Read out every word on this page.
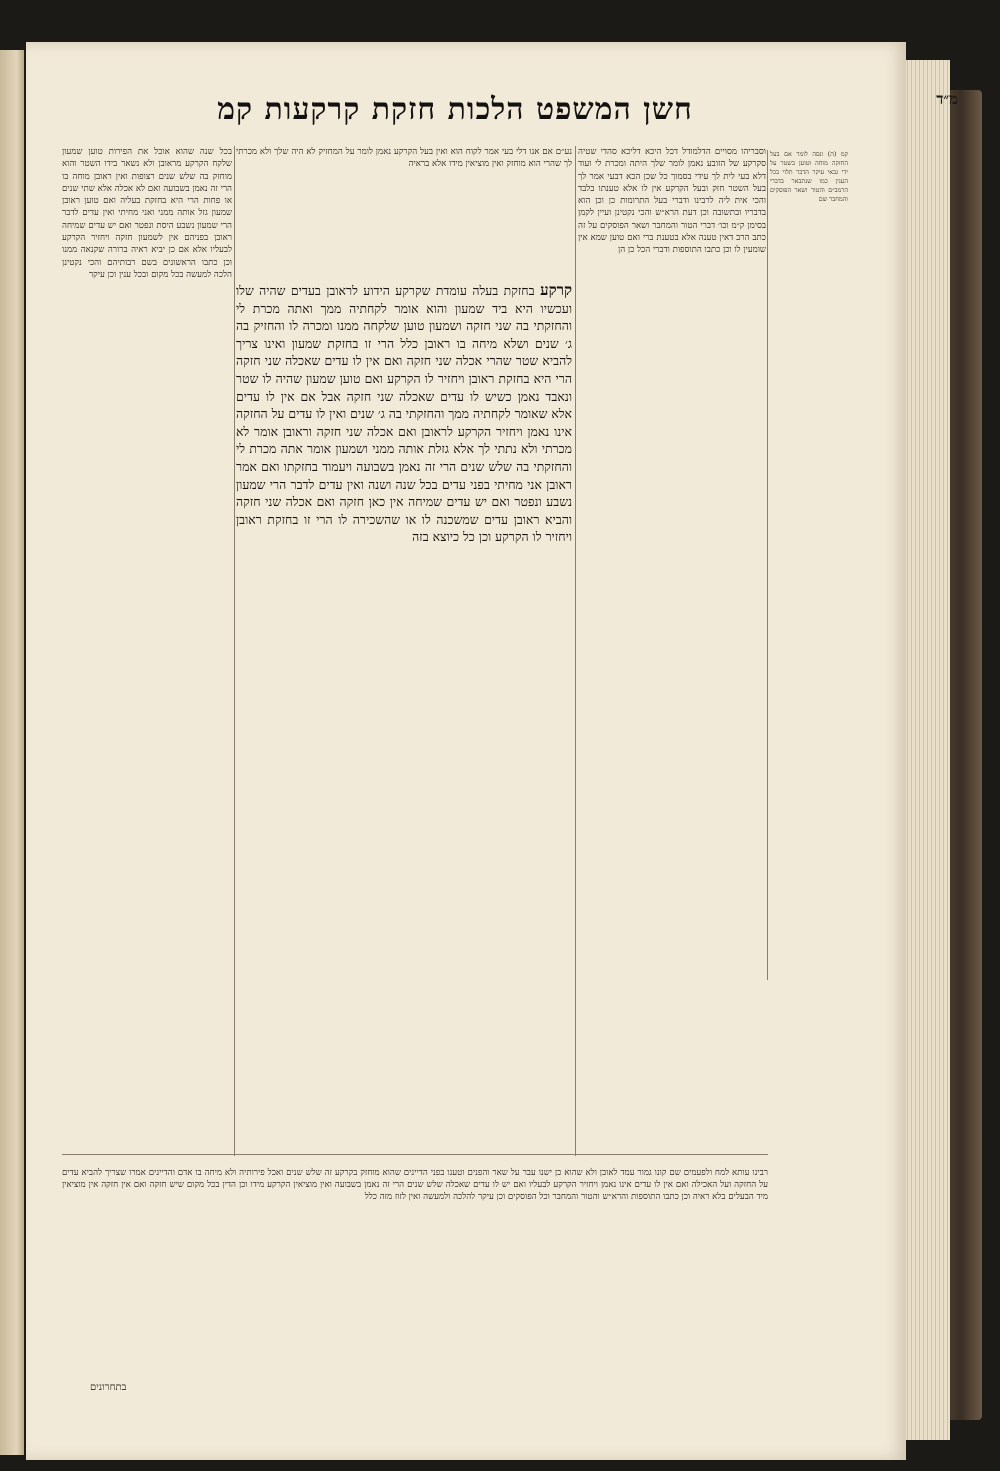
חשן המשפט הלכות חזקת קרקעות קמ	מ״ד

קמ (ה) ונסה לומר אם בעל החזקה מוחה וטוען בשטר על ידי גבאי עיקר הדבר תלוי בכל הענין כמו שנתבאר בדברי הרמב״ם והטור ושאר הפוסקים והמחבר שם

וסבריהו מסויים הדלמודל דכל היכא דליכא סהדי שטיה סקרקע של הזובע נאמן לומר שלך היתה ומכרת לי ועוד דלא בעי לית לך עידי בסמוך כל שכן הכא דבעי אמר לך בעל השטר חזק ובעל הקרקע אין לו אלא טענתו בלבד והכי אית ליה לרבינו ודברי בעל התרומות כן וכן הוא בדבריו ובתשובה וכן דעת הרא״ש והכי נקטינן ועיין לקמן בסימן ק״מ וכו׳ דברי הטור והמחבר ושאר הפוסקים על זה כתב הרב דאין טענה אלא בטענת ברי ואם טוען שמא אין שומעין לו וכן כתבו התוספות ודברי הכל כן הן

נע״ם אם אנו דלי בעי אמר לקוח הוא ואין בעל הקרקע נאמן לומר על המחזיק לא היה שלך ולא מכרתי לך שהרי הוא מוחזק ואין מוציאין מידו אלא בראיה
קרקע בחזקת בעלה עומדת שקרקע הידוע לראובן בעדים שהיה שלו ועכשיו היא ביד שמעון והוא אומר לקחתיה ממך ואתה מכרת לי והחזקתי בה שני חזקה ושמעון טוען שלקחה ממנו ומכרה לו והחזיק בה ג׳ שנים ושלא מיחה בו ראובן כלל הרי זו בחזקת שמעון ואינו צריך להביא שטר שהרי אכלה שני חזקה ואם אין לו עדים שאכלה שני חזקה הרי היא בחזקת ראובן ויחזיר לו הקרקע ואם טוען שמעון שהיה לו שטר ונאבד נאמן כשיש לו עדים שאכלה שני חזקה אבל אם אין לו עדים אלא שאומר לקחתיה ממך והחזקתי בה ג׳ שנים ואין לו עדים על החזקה אינו נאמן ויחזיר הקרקע לראובן ואם אכלה שני חזקה וראובן אומר לא מכרתי ולא נתתי לך אלא גזלת אותה ממני ושמעון אומר אתה מכרת לי והחזקתי בה שלש שנים הרי זה נאמן בשבועה ויעמוד בחזקתו ואם אמר ראובן אני מחיתי בפני עדים בכל שנה ושנה ואין עדים לדבר הרי שמעון נשבע ונפטר ואם יש עדים שמיחה אין כאן חזקה ואם אכלה שני חזקה והביא ראובן עדים שמשכנה לו או שהשכירה לו הרי זו בחזקת ראובן ויחזיר לו הקרקע וכן כל כיוצא בזה

בכל שנה שהוא אוכל את הפירות טוען שמעון שלקח הקרקע מראובן ולא נשאר בידו השטר והוא מוחזק בה שלש שנים רצופות ואין ראובן מוחה בו הרי זה נאמן בשבועה ואם לא אכלה אלא שתי שנים או פחות הרי היא בחזקת בעליה ואם טוען ראובן שמעון גזל אותה ממני ואני מחיתי ואין עדים לדבר הרי שמעון נשבע היסת ונפטר ואם יש עדים שמיחה ראובן בפניהם אין לשמעון חזקה ויחזיר הקרקע לבעליו אלא אם כן יביא ראיה ברורה שקנאה ממנו וכן כתבו הראשונים בשם רבותיהם והכי נקטינן הלכה למעשה בכל מקום ובכל ענין וכן עיקר

רבינו עותא למח ולפעמים שם קונו גמור עמד לאובן ולא שהוא כן ישנו עבר על שאר והפנים וטענו בפני הדיינים שהוא מוחזק בקרקע זה שלש שנים ואכל פירותיה ולא מיחה בו אדם והדיינים אמרו שצריך להביא עדים על החזקה ועל האכילה ואם אין לו עדים אינו נאמן ויחזיר הקרקע לבעליו ואם יש לו עדים שאכלה שלש שנים הרי זה נאמן בשבועה ואין מוציאין הקרקע מידו וכן הדין בכל מקום שיש חזקה ואם אין חזקה אין מוציאין מיד הבעלים בלא ראיה וכן כתבו התוספות והרא״ש והטור והמחבר וכל הפוסקים וכן עיקר להלכה ולמעשה ואין לזוז מזה כלל

בתחרונים
